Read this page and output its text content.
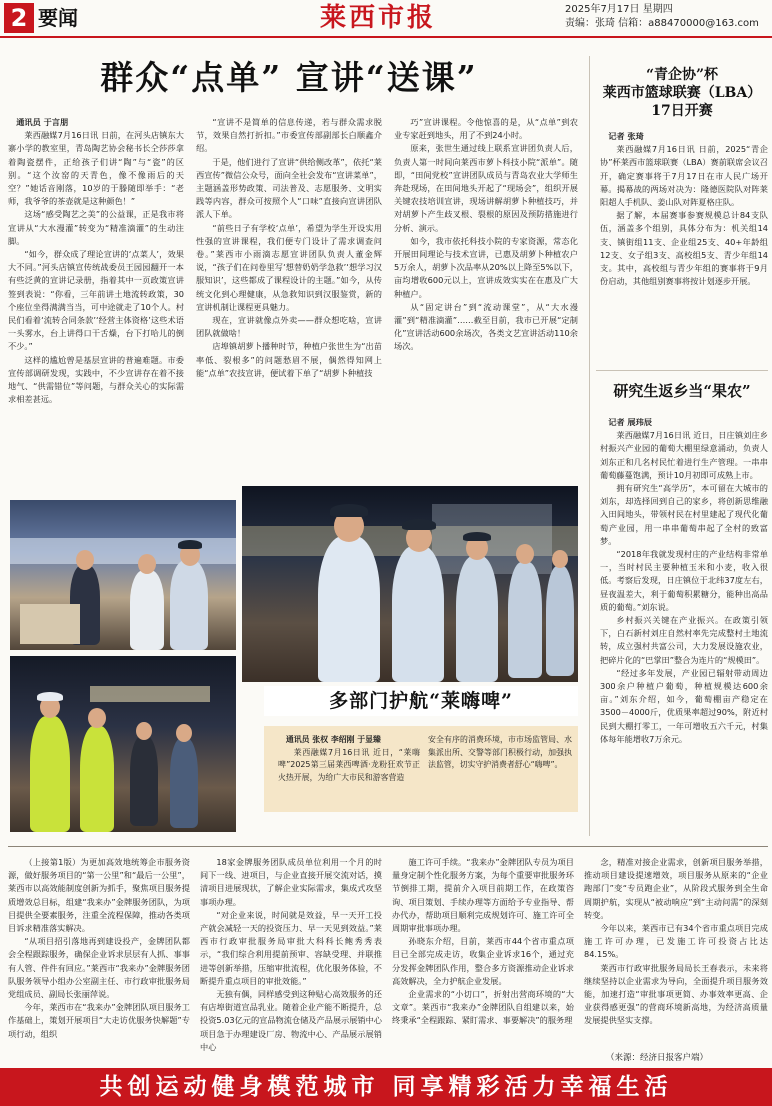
2 要闻	莱西市报	2025年7月17日 星期四
责编：张琦 信箱：a88470000@163.com
群众“点单” 宣讲“送课”

通讯员 于言朋

莱西融媒7月16日讯 日前，在河头店镇东大寨小学的教室里，青岛陶艺协会秘书长仝莎莎拿着陶瓷摆件，正给孩子们讲“陶”与“瓷”的区别。“这个汝窑的天青色，像不像雨后的天空？”她话音刚落，10岁的于滕随即举手：“老师，我爷爷的茶壶就是这种颜色！”

这场“感受陶艺之美”的公益课，正是我市将宣讲从“大水漫灌”转变为“精准滴灌”的生动注脚。

“如今，群众成了理论宣讲的‘点菜人’，效果大不同。”河头店镇宣传统战委员王园园翻开一本有些泛黄的宣讲记录册，指着其中一页政策宣讲签到表说：“你看，三年前讲土地流转政策，30个座位坐得满满当当，可中途就走了10个人。村民们看着‘流转合同条款’‘经营主体资格’这些术语一头雾水，台上讲得口干舌燥，台下打哈儿的倒不少。”

这样的尴尬曾是基层宣讲的普遍难题。市委宣传部调研发现，实践中，不少宣讲存在着不接地气、“供需错位”等问题，与群众关心的实际需求相差甚远。

“宣讲不是简单的信息传递，若与群众需求脱节，效果自然打折扣。”市委宣传部副部长白顺鑫介绍。

于是，他们进行了宣讲“供给侧改革”，依托“莱西宣传”微信公众号，面向全社会发布“宣讲菜单”，主题涵盖形势政策、司法普及、志愿服务、文明实践等内容，群众可按照个人“口味”直接向宣讲团队派人下单。

“前些日子有学校‘点单’，希望为学生开设实用性强的宣讲课程，我们便专门设计了需求调查问卷。”莱西市小雨滴志愿宣讲团队负责人董金辉说，“孩子们在问卷里写‘想替奶奶学急救’‘想学习汉服知识’，这些都成了课程设计的主题。”如今，从传统文化到心理健康，从急救知识到汉服鉴赏，新的宣讲机制让课程更具魅力。

现在，宣讲就像点外卖——群众想吃啥，宣讲团队就做啥！

店埠镇胡萝卜播种时节，种植户张世生为“出苗率低、裂根多”的问题愁眉不展，偶然得知网上能“点单”农技宣讲，便试着下单了“胡萝卜种植技

巧”宣讲课程。令他惊喜的是，从“点单”到农业专家赶到地头，用了不到24小时。

原来，张世生通过线上联系宣讲团负责人后，负责人第一时间向莱西市萝卜科技小院“派单”。随即，“田间党校”宣讲团队成员与青岛农业大学师生奔赴现场，在田间地头开起了“现场会”，组织开展关键农技培训宣讲，现场讲解胡萝卜种植技巧，并对胡萝卜产生歧叉根、裂根的原因及预防措施进行分析、演示。

如今，我市依托科技小院的专家资源，常态化开展田间理论与技术宣讲，已惠及胡萝卜种植农户5万余人，胡萝卜次品率从20%以上降至5%以下，亩均增收600元以上，宣讲成效实实在在惠及广大种植户。

从“固定讲台”到“流动课堂”，从“大水漫灌”到“精准滴灌”……截至目前，我市已开展“定制化”宣讲活动600余场次，各类文艺宣讲活动110余场次。

“青企协”杯
莱西市篮球联赛（LBA）
17日开赛

记者 张琦

莱西融媒7月16日讯 日前，2025“青企协”杯莱西市篮球联赛（LBA）赛前联席会议召开，确定赛事将于7月17日在市人民广场开幕。揭幕战的两场对决为：隆德医院队对阵莱阳超人手机队、姜山队对阵夏格庄队。

据了解，本届赛事参赛规模总计84支队伍，涵盖多个组别，具体分布为：机关组14支、镇街组11支、企业组25支、40+年龄组12支、女子组3支、高校组5支、青少年组14支。其中，高校组与青少年组的赛事将于9月份启动，其他组别赛事将按计划逐步开展。

研究生返乡当“果农”

记者 展玮辰

莱西融媒7月16日讯 近日，日庄镇刘庄乡村振兴产业园的葡萄大棚里绿意涌动，负责人刘东正和几名村民忙着进行生产管理。一串串葡萄藤蔓饱满，预计10月初即可成熟上市。

拥有研究生“高学历”，本可留在大城市的刘东，却选择回到自己的家乡，将创新思维融入田间地头，带领村民在村里建起了现代化葡萄产业园，用一串串葡萄串起了全村的致富梦。

“2018年我就发现村庄的产业结构非常单一，当时村民主要种植玉米和小麦，收入很低。考察后发现，日庄镇位于北纬37度左右，昼夜温差大，利于葡萄积累糖分，能种出高品质的葡萄。”刘东说。

乡村振兴关键在产业振兴。在政策引领下，白石新村刘庄自然村率先完成整村土地流转，成立强村共富公司，大力发展设施农业，把碎片化的“巴掌田”整合为连片的“规模田”。

“经过多年发展，产业园已辐射带动周边300余户种植户葡萄，种植规模达600余亩。”刘东介绍，如今，葡萄棚亩产稳定在3500－4000斤，优质果率超过90%，附近村民到大棚打零工，一年可增收五六千元，村集体每年能增收7万余元。

多部门护航“莱嗨啤”

通讯员 张权 李绍刚 于显臻

莱西融媒7月16日讯 近日，“莱嗨啤”2025第三届莱西啤酒·龙粉狂欢节正火热开展，为给广大市民和游客营造

安全有序的消费环境，市市场监管局、水集派出所、交警等部门积极行动，加强执法监管，切实守护消费者舒心“嗨啤”。

（上接第1版）为更加高效地统筹企市服务资源，做好服务项目的“第一公里”和“最后一公里”，莱西市以高效能制度创新为抓手，聚焦项目服务提质增效总目标，组建“我来办”金牌服务团队，为项目提供全要素服务，注重全流程保障，推动各类项目诉求精准落实解决。

“从项目招引落地再到建设投产，金牌团队都会全程跟踪服务，确保企业诉求层层有人抓、事事有人管、件件有回应。”莱西市“我来办”金牌服务团队服务领导小组办公室副主任、市行政审批服务局党组成员、副局长张丽萍说。

今年，莱西市在“我来办”金牌团队项目服务工作基础上，策划开展项目“大走访优服务快解题”专项行动，组织

18家金牌服务团队成员单位利用一个月的时间下一线、进项目，与企业直接开展交流对话，摸清项目进展现状，了解企业实际需求，集成式攻坚事项办理。

“对企业来说，时间就是效益，早一天开工投产就会减轻一天的投资压力、早一天见到效益。”莱西市行政审批服务局审批大科科长鲍秀秀表示，“我们综合利用提前预审、容缺受理、并联推进等创新举措，压缩审批流程，优化服务体验，不断提升重点项目的审批效能。”

无独有偶，同样感受到这种贴心高效服务的还有店埠街道宣品乳业。随着企业产能不断提升，总投资5.03亿元的宣品物流仓储及产品展示展销中心项目急于办理建设厂房、物流中心、产品展示展销中心

施工许可手续。“我来办”金牌团队专员为项目量身定制个性化服务方案，为每个重要审批服务环节倒排工期，提前介入项目前期工作，在政策咨询、项目策划、手续办理等方面给予专业指导、帮办代办，帮助项目顺利完成规划许可、施工许可全周期审批事项办理。

孙晓东介绍，目前，莱西市44个省市重点项目已全部完成走访，收集企业诉求16个，通过充分发挥金牌团队作用，整合多方资源推动企业诉求高效解决，全力护航企业发展。

企业需求的“小切口”，折射出营商环境的“大文章”。莱西市“我来办”金牌团队自组建以来，始终秉承“全程跟踪、紧盯需求、事要解决”的服务理

念，精准对接企业需求，创新项目服务举措，推动项目建设提速增效，项目服务从原来的“企业跑部门”变“专员跑企业”，从阶段式服务到全生命周期护航，实现从“被动响应”到“主动问需”的深刻转变。

今年以来，莱西市已有34个省市重点项目完成施工许可办理，已发施工许可投资占比达84.15%。

莱西市行政审批服务局局长王春表示，未来将继续坚持以企业需求为导向，全面提升项目服务效能，加速打造“审批事项更简、办事效率更高、企业获得感更强”的营商环境新高地，为经济高质量发展提供坚实支撑。

（来源：经济日报客户端）
共创运动健身模范城市 同享精彩活力幸福生活
